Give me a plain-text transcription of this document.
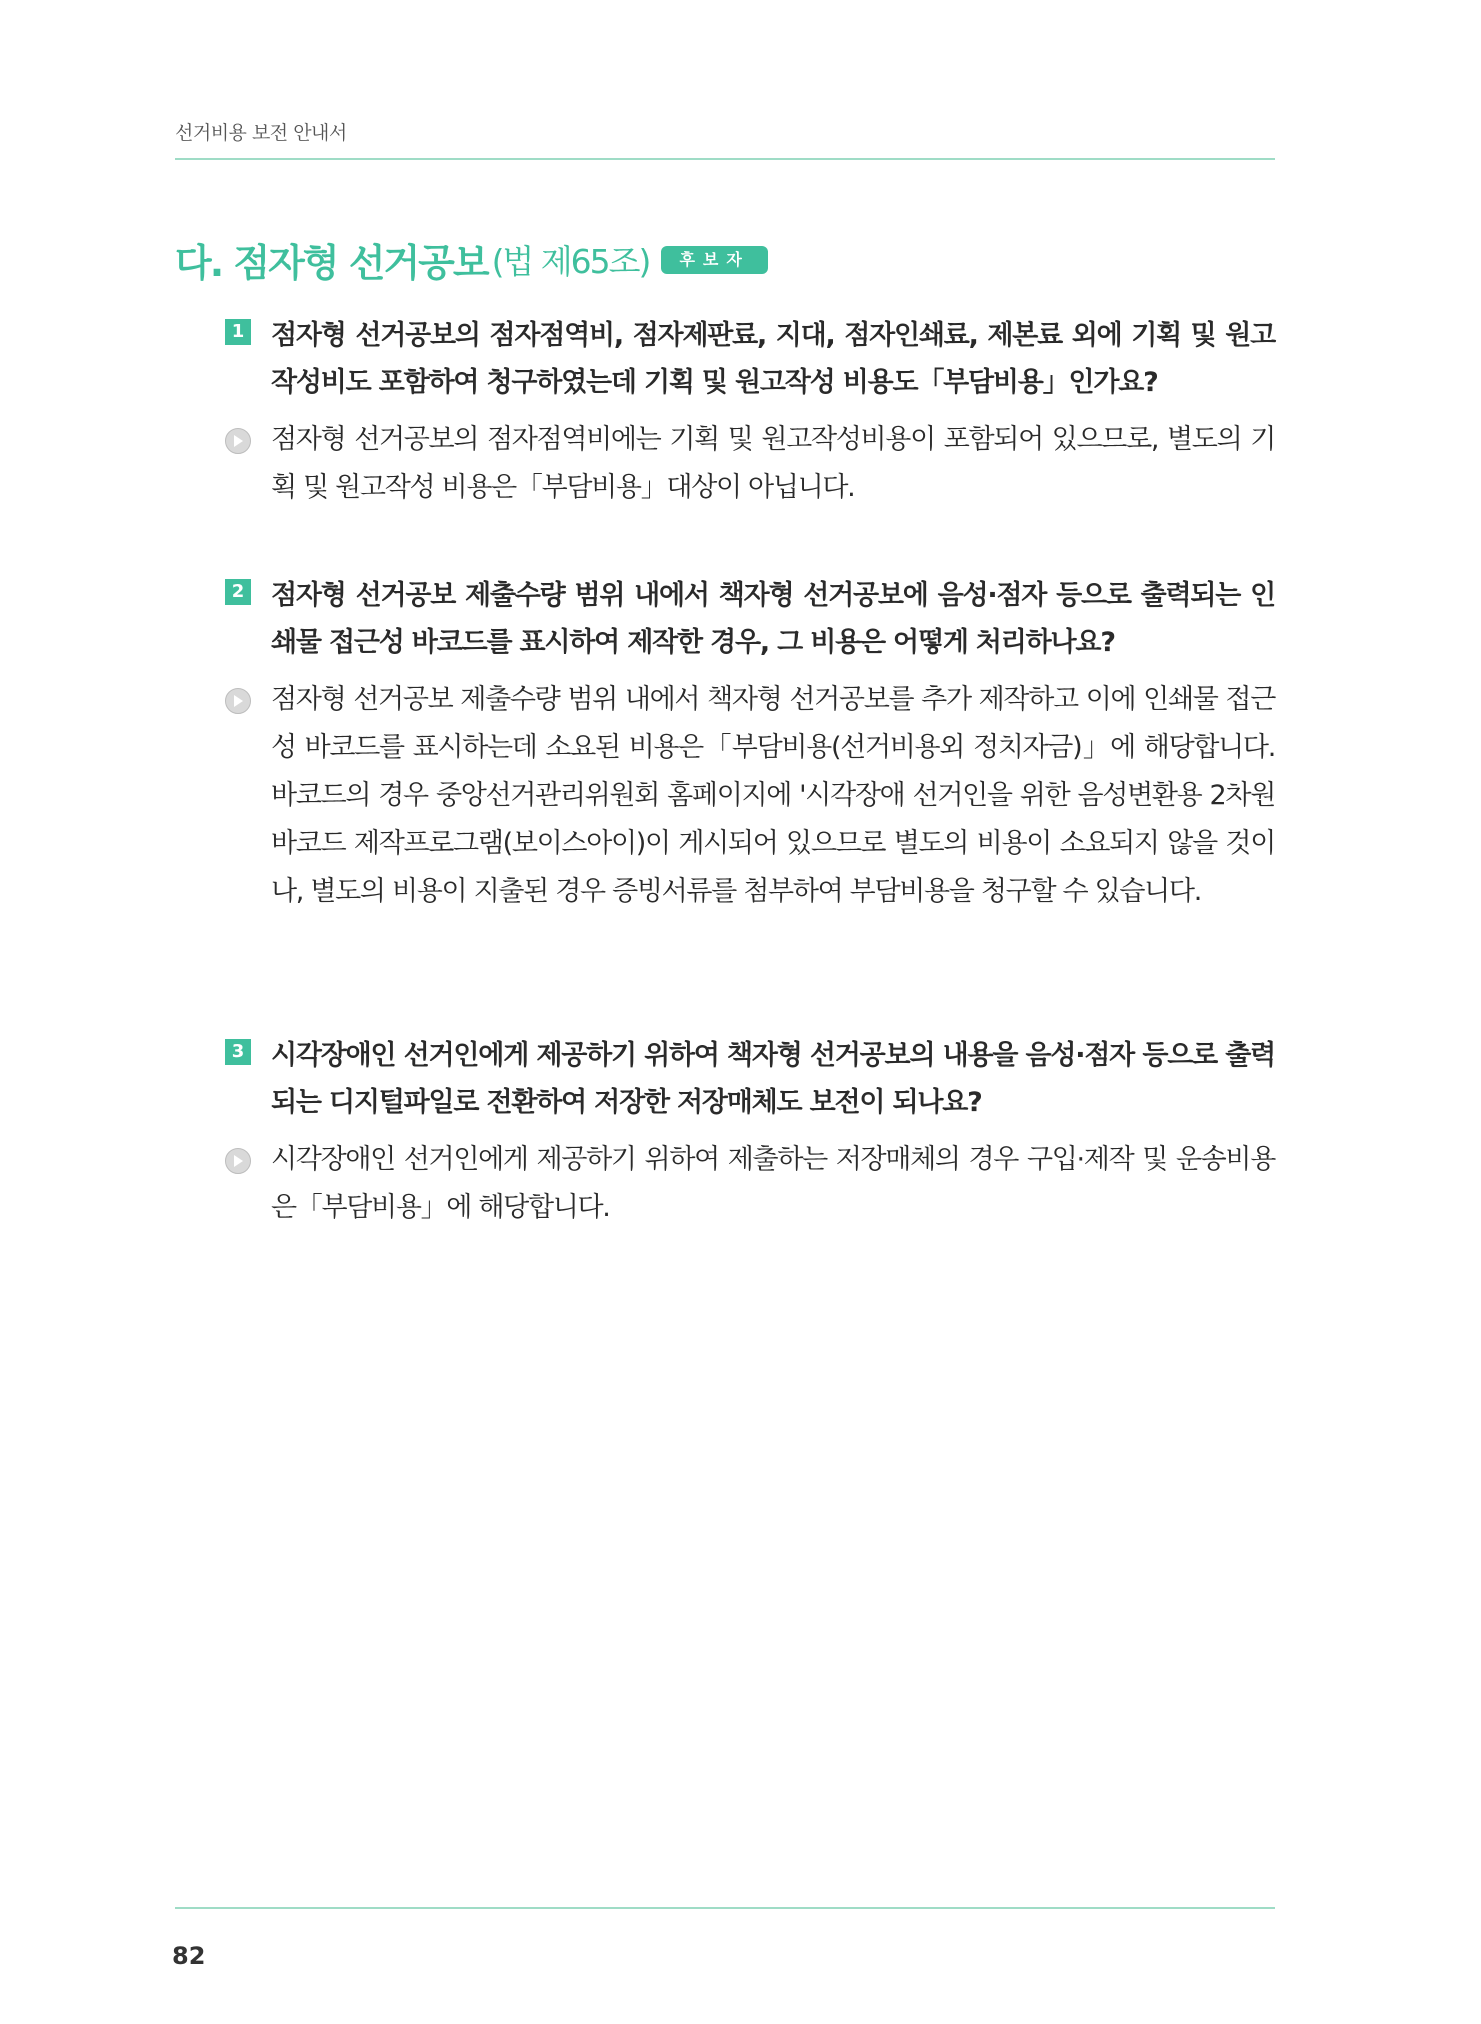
선거비용 보전 안내서
다. 점자형 선거공보 (법 제65조)	후보자
1 점자형 선거공보의 점자점역비, 점자제판료, 지대, 점자인쇄료, 제본료 외에 기획 및 원고작성비도 포함하여 청구하였는데 기획 및 원고작성 비용도「부담비용」인가요?
점자형 선거공보의 점자점역비에는 기획 및 원고작성비용이 포함되어 있으므로, 별도의 기획 및 원고작성 비용은「부담비용」대상이 아닙니다.
2 점자형 선거공보 제출수량 범위 내에서 책자형 선거공보에 음성·점자 등으로 출력되는 인쇄물 접근성 바코드를 표시하여 제작한 경우, 그 비용은 어떻게 처리하나요?
점자형 선거공보 제출수량 범위 내에서 책자형 선거공보를 추가 제작하고 이에 인쇄물 접근성 바코드를 표시하는데 소요된 비용은「부담비용(선거비용외 정치자금)」에 해당합니다. 바코드의 경우 중앙선거관리위원회 홈페이지에 '시각장애 선거인을 위한 음성변환용 2차원바코드 제작프로그램(보이스아이)이 게시되어 있으므로 별도의 비용이 소요되지 않을 것이나, 별도의 비용이 지출된 경우 증빙서류를 첨부하여 부담비용을 청구할 수 있습니다.
3 시각장애인 선거인에게 제공하기 위하여 책자형 선거공보의 내용을 음성·점자 등으로 출력되는 디지털파일로 전환하여 저장한 저장매체도 보전이 되나요?
시각장애인 선거인에게 제공하기 위하여 제출하는 저장매체의 경우 구입·제작 및 운송비용은「부담비용」에 해당합니다.
82
